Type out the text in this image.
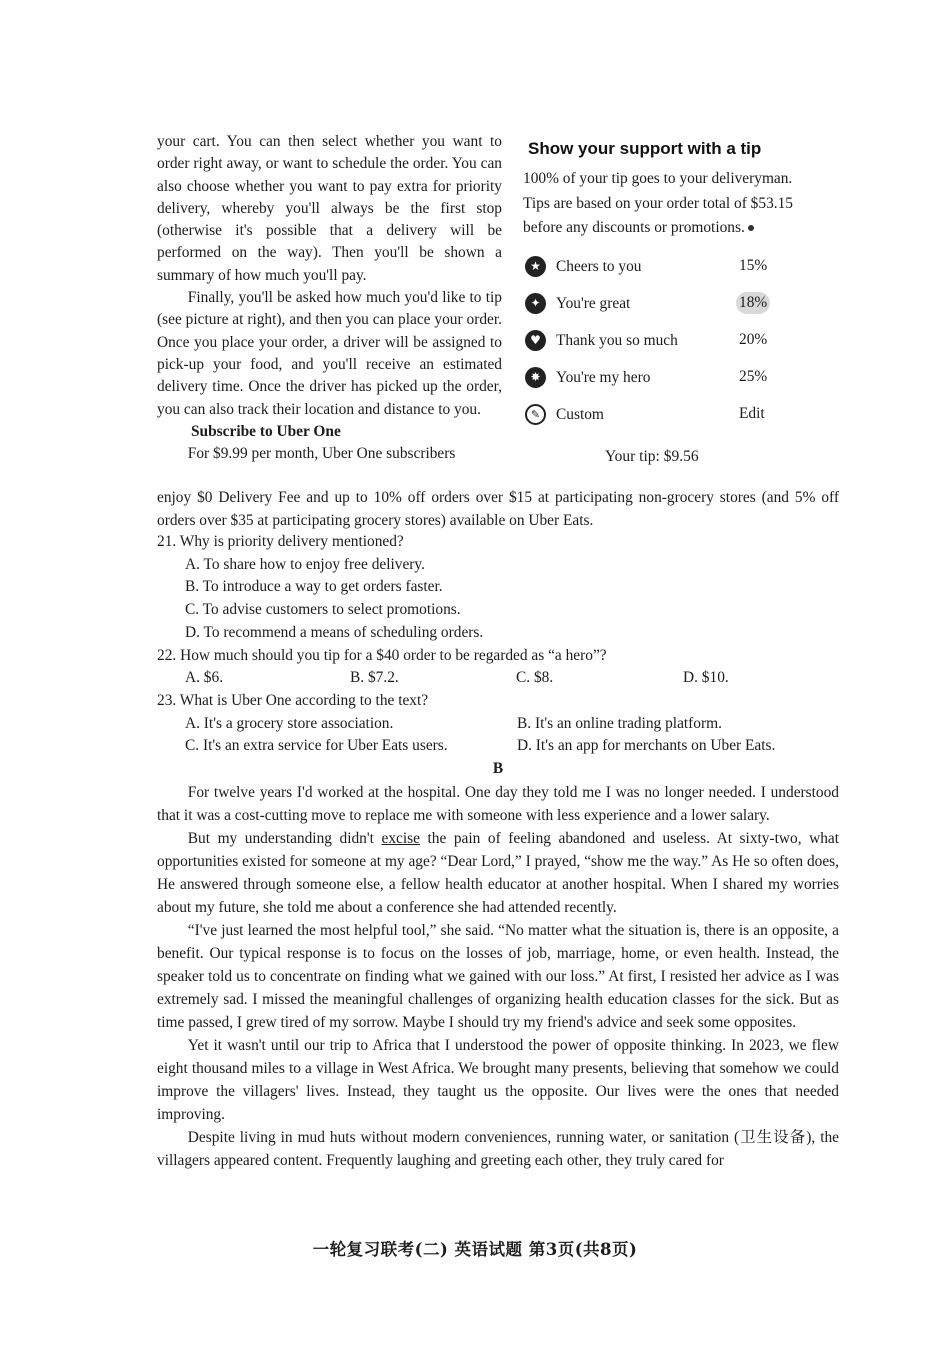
your cart. You can then select whether you want to order right away, or want to schedule the order. You can also choose whether you want to pay extra for priority delivery, whereby you'll always be the first stop (otherwise it's possible that a delivery will be performed on the way). Then you'll be shown a summary of how much you'll pay.

Finally, you'll be asked how much you'd like to tip (see picture at right), and then you can place your order. Once you place your order, a driver will be assigned to pick-up your food, and you'll receive an estimated delivery time. Once the driver has picked up the order, you can also track their location and distance to you.

Subscribe to Uber One

For $9.99 per month, Uber One subscribers

Show your support with a tip
100% of your tip goes to your deliveryman. Tips are based on your order total of $53.15 before any discounts or promotions.
★ Cheers to you	15%
✦	You're great	18%
♥ Thank you so much	20%
✸	You're my hero	25%
✎	Custom	Edit
Your tip: $9.56

enjoy $0 Delivery Fee and up to 10% off orders over $15 at participating non-grocery stores (and 5% off orders over $35 at participating grocery stores) available on Uber Eats.

21. Why is priority delivery mentioned?

A. To share how to enjoy free delivery.
B. To introduce a way to get orders faster.
C. To advise customers to select promotions.
D. To recommend a means of scheduling orders.

22. How much should you tip for a $40 order to be regarded as “a hero”?

A. $6.	B. $7.2.	C. $8.	D. $10.

23. What is Uber One according to the text?

A. It's a grocery store association.	B. It's an online trading platform.
C. It's an extra service for Uber Eats users.	D. It's an app for merchants on Uber Eats.

B

For twelve years I'd worked at the hospital. One day they told me I was no longer needed. I understood that it was a cost-cutting move to replace me with someone with less experience and a lower salary.

But my understanding didn't excise the pain of feeling abandoned and useless. At sixty-two, what opportunities existed for someone at my age? “Dear Lord,” I prayed, “show me the way.” As He so often does, He answered through someone else, a fellow health educator at another hospital. When I shared my worries about my future, she told me about a conference she had attended recently.

“I've just learned the most helpful tool,” she said. “No matter what the situation is, there is an opposite, a benefit. Our typical response is to focus on the losses of job, marriage, home, or even health. Instead, the speaker told us to concentrate on finding what we gained with our loss.” At first, I resisted her advice as I was extremely sad. I missed the meaningful challenges of organizing health education classes for the sick. But as time passed, I grew tired of my sorrow. Maybe I should try my friend's advice and seek some opposites.

Yet it wasn't until our trip to Africa that I understood the power of opposite thinking. In 2023, we flew eight thousand miles to a village in West Africa. We brought many presents, believing that somehow we could improve the villagers' lives. Instead, they taught us the opposite. Our lives were the ones that needed improving.

Despite living in mud huts without modern conveniences, running water, or sanitation (卫生设备), the villagers appeared content. Frequently laughing and greeting each other, they truly cared for

一轮复习联考(二) 英语试题 第3页(共8页)
